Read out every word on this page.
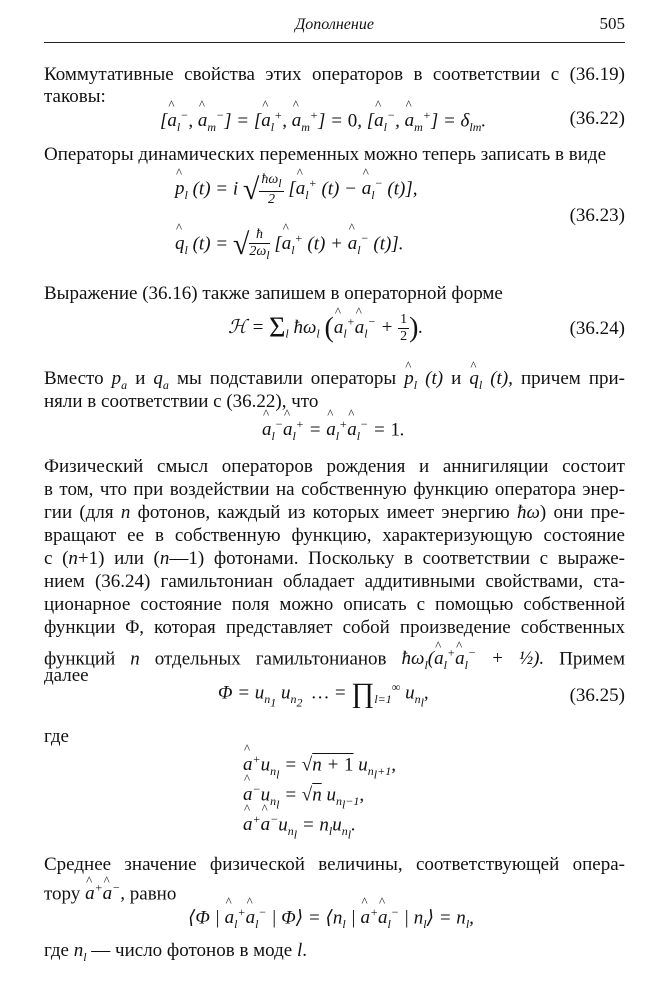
Дополнение	505

Коммутативные свойства этих операторов в соответствии с (36.19)

таковы:

[^ $a_l^-$, ^ $a_m^-$] = [^ $a_l^+$, ^ $a_m^+] = 0$, [^ $a_l^-$, ^ $a_m^+] = \delta_{lm}$.	(36.22)

Операторы динамических переменных можно теперь записать в виде

^ $p_l$ (t) = i √ $\frac{ħ\omega_l}{2}$ [^ $a_l^+$ (t) − ^ $a_l^-$ (t)],
^ $q_l$ (t) = √ $\frac{ħ}{2\omega_l}$ [^ $a_l^+$ (t) + ^ $a_l^-$ (t)].
(36.23)

Выражение (36.16) также запишем в операторной форме

ℋ = $\Sigma_l$ $ħ\omega_l$ (^ $a_l^+\^{}$ $a_l^- + \frac{1}{2}$ ).	(36.24)
Вместо $p_a$ и $q_a$ мы подставили операторы ^ $p_l$ (t) и ^ $q_l$ (t), причем при-

няли в соответствии с (36.22), что

^ $a_l^-\^{}$ $a_l^+$ = ^ $a_l^+\^{}$ $a_l^- = 1$.

Физический смысл операторов рождения и аннигиляции состоит

в том, что при воздействии на собственную функцию оператора энер-

гии (для n фотонов, каждый из которых имеет энергию ħω) они пре-

вращают ее в собственную функцию, характеризующую состояние

с (n+1) или (n—1) фотонами. Поскольку в соответствии с выраже-

нием (36.24) гамильтониан обладает аддитивными свойствами, ста-

ционарное состояние поля можно описать с помощью собственной

функции Φ, которая представляет собой произведение собственных

функций n отдельных гамильтонианов $ħ\omega_l(\^{}$ $a_l^+\^{}$ $a_l^-$ + ½). Примем

далее

$\Phi = u_{n_1}$ $u_{n_2}$  … = $\prod_{l=1}^\infty$ $u_{n_l}$,	(36.25)

где

^ $a^+u_{n_l} = √n + 1$ $u_{n_l+1}$,
^ $a^-u_{n_l} = √n$ $u_{n_l-1}$,
^ a+^ $a^-u_{n_l} = n_lu_{n_l}$.

Среднее значение физической величины, соответствующей опера-

тору ^ a+^ a−, равно
⟨Φ | ^ $a_l^+\^{}$ $a_l^-$ | Φ⟩ = $⟨n_l$ | ^ a+^ $a_l^-$ | $n_l⟩ = n_l$,
где $n_l$ — число фотонов в моде l.
